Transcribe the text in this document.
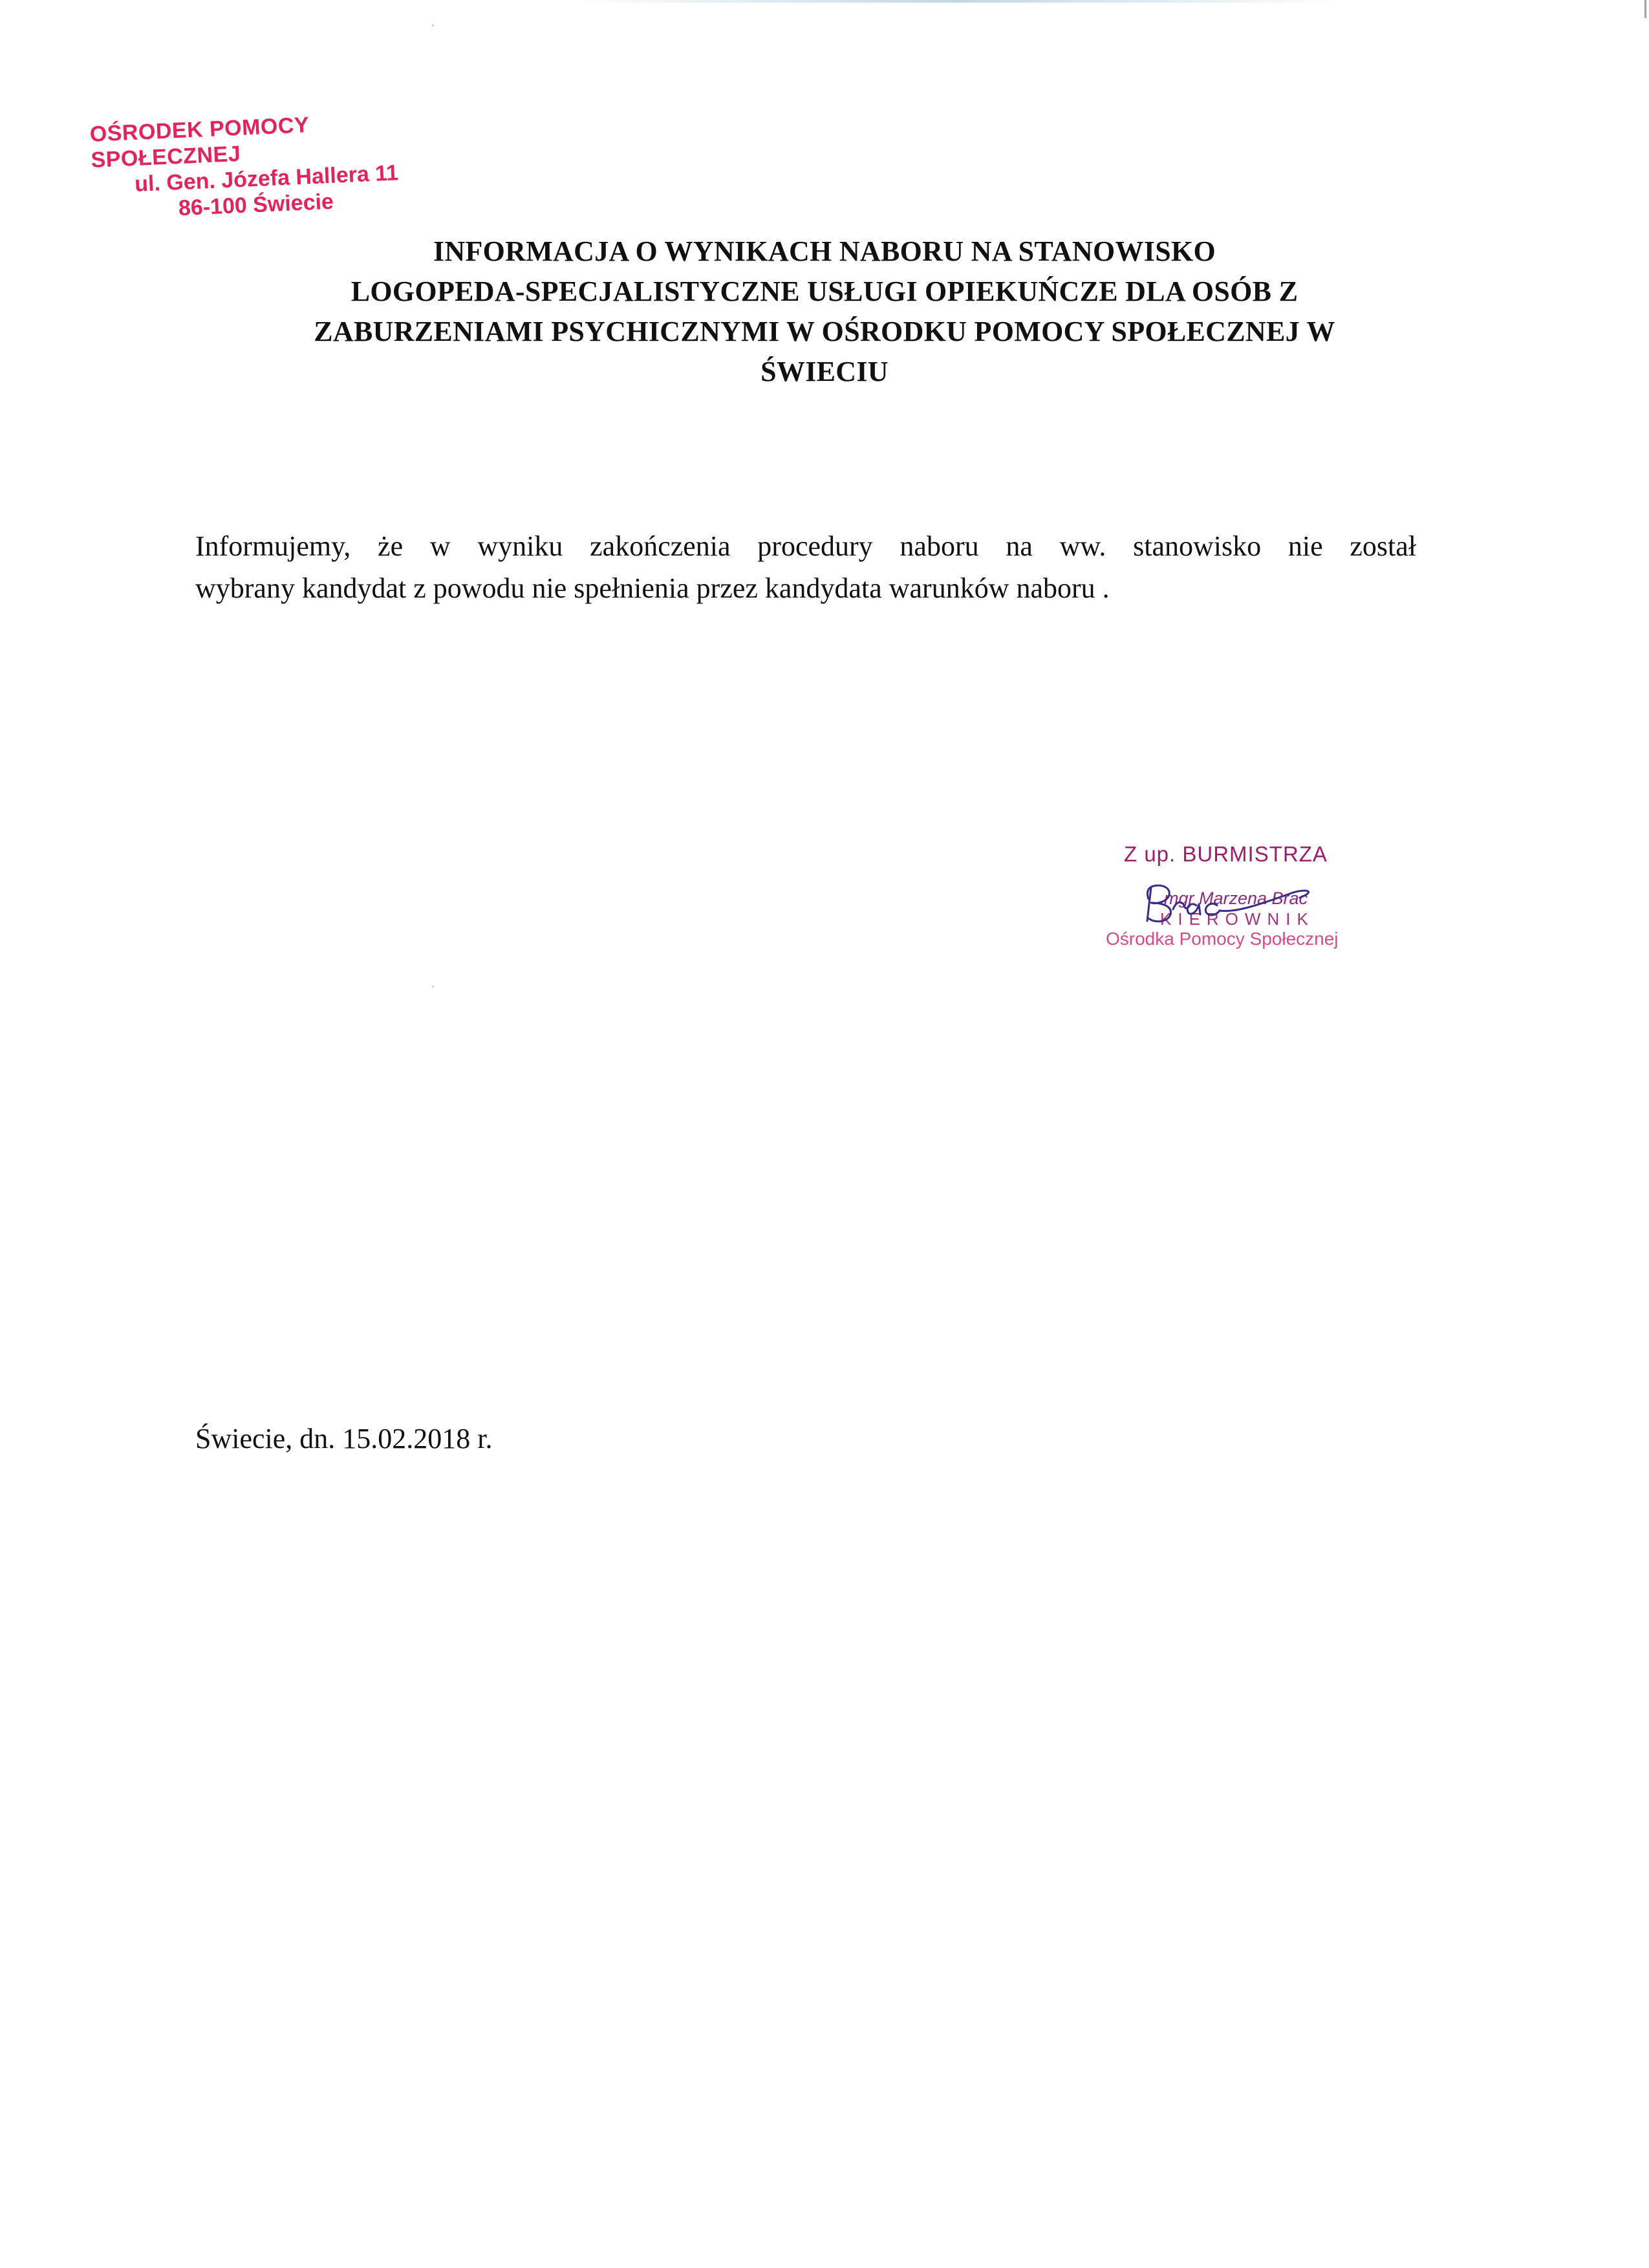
OŚRODEK POMOCY SPOŁECZNEJ
ul. Gen. Józefa Hallera 11
86-100 Świecie
INFORMACJA O WYNIKACH NABORU NA STANOWISKO
LOGOPEDA-SPECJALISTYCZNE USŁUGI OPIEKUŃCZE DLA OSÓB Z
ZABURZENIAMI PSYCHICZNYMI W OŚRODKU POMOCY SPOŁECZNEJ W
ŚWIECIU
Informujemy, że w wyniku zakończenia procedury naboru na ww. stanowisko nie został
wybrany kandydat z powodu nie spełnienia przez kandydata warunków naboru .
Z up. BURMISTRZA
mgr Marzena Brac
KIEROWNIK
Ośrodka Pomocy Społecznej
Świecie, dn. 15.02.2018 r.
